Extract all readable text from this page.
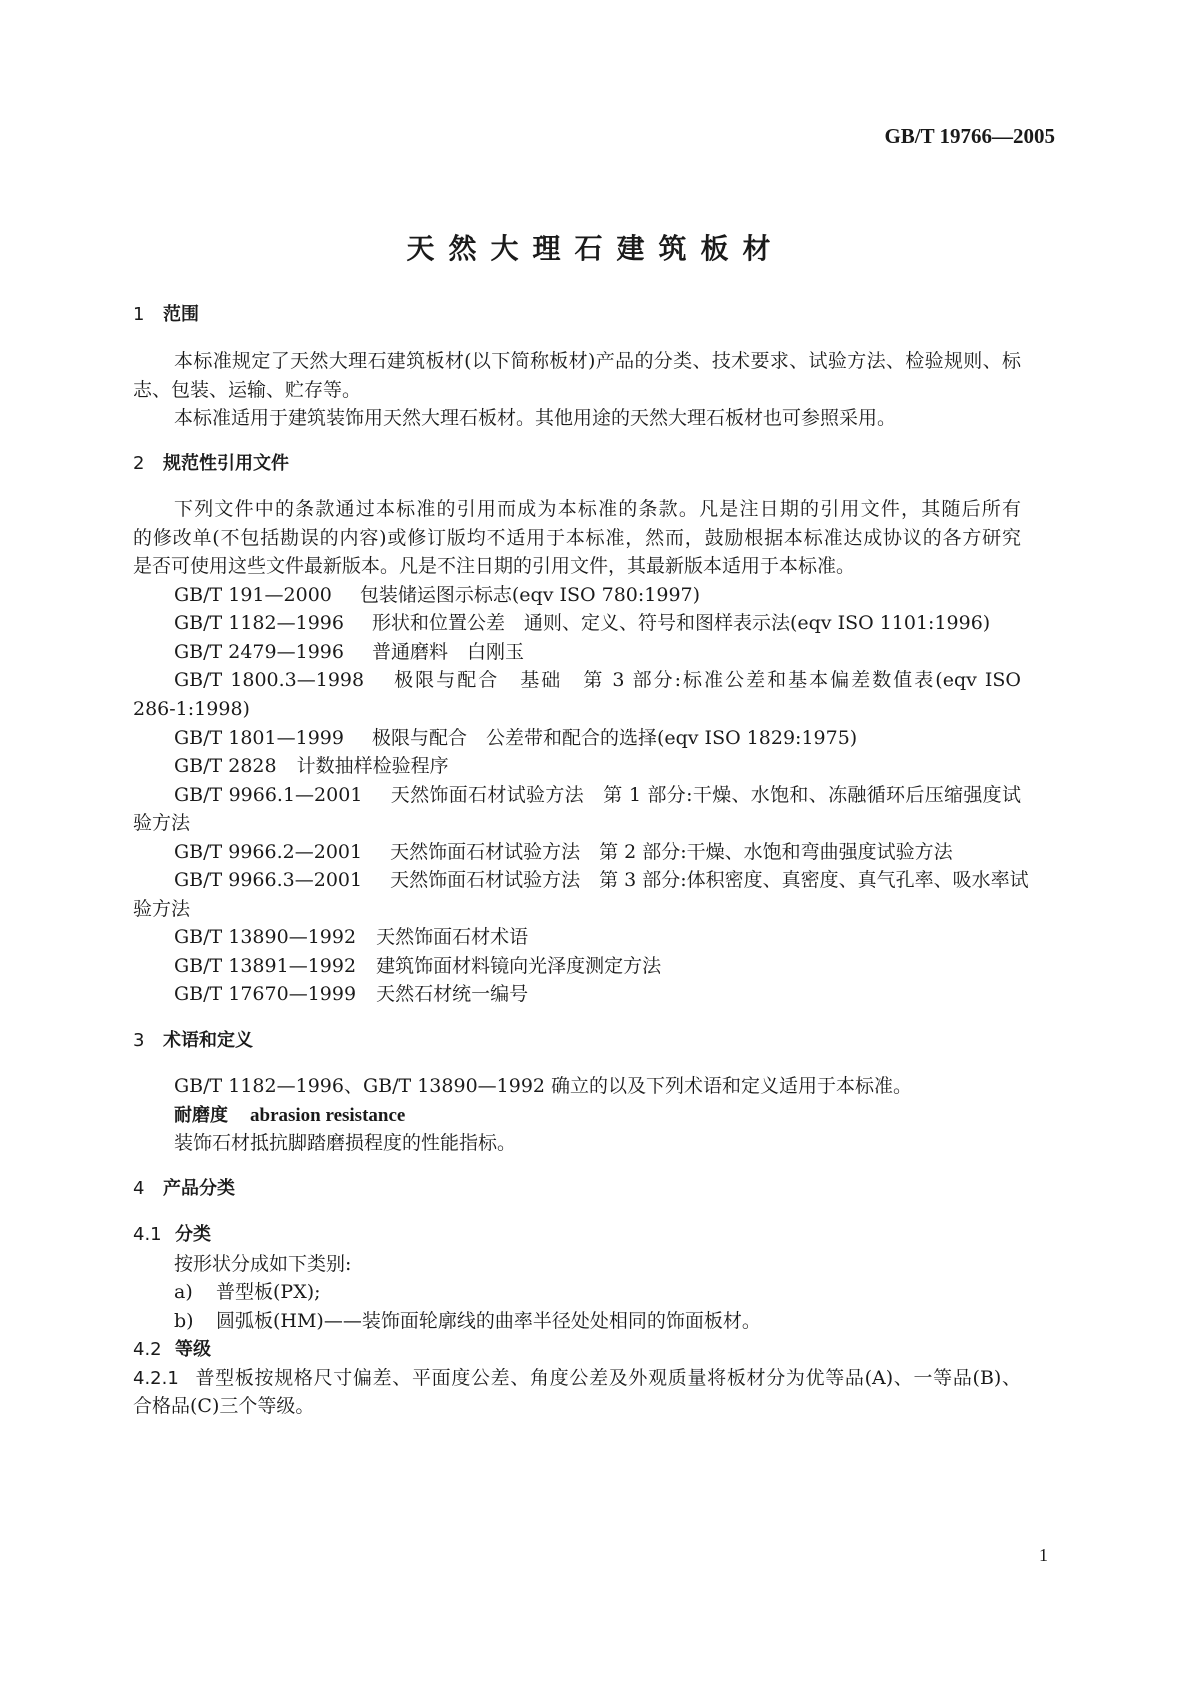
GB/T 19766—2005
天然大理石建筑板材
1 范围
本标准规定了天然大理石建筑板材(以下简称板材)产品的分类、技术要求、试验方法、检验规则、标
志、包装、运输、贮存等。
本标准适用于建筑装饰用天然大理石板材。其他用途的天然大理石板材也可参照采用。
2 规范性引用文件
下列文件中的条款通过本标准的引用而成为本标准的条款。凡是注日期的引用文件，其随后所有
的修改单(不包括勘误的内容)或修订版均不适用于本标准，然而，鼓励根据本标准达成协议的各方研究
是否可使用这些文件最新版本。凡是不注日期的引用文件，其最新版本适用于本标准。
GB/T 191—2000 包装储运图示标志(eqv ISO 780:1997)
GB/T 1182—1996 形状和位置公差　通则、定义、符号和图样表示法(eqv ISO 1101:1996)
GB/T 2479—1996 普通磨料　白刚玉
GB/T 1800.3—1998 极限与配合　基础　第 3 部分:标准公差和基本偏差数值表(eqv ISO
286-1:1998)
GB/T 1801—1999 极限与配合　公差带和配合的选择(eqv ISO 1829:1975)
GB/T 2828 计数抽样检验程序
GB/T 9966.1—2001 天然饰面石材试验方法　第 1 部分:干燥、水饱和、冻融循环后压缩强度试
验方法
GB/T 9966.2—2001 天然饰面石材试验方法　第 2 部分:干燥、水饱和弯曲强度试验方法
GB/T 9966.3—2001 天然饰面石材试验方法　第 3 部分:体积密度、真密度、真气孔率、吸水率试
验方法
GB/T 13890—1992 天然饰面石材术语
GB/T 13891—1992 建筑饰面材料镜向光泽度测定方法
GB/T 17670—1999 天然石材统一编号
3 术语和定义
GB/T 1182—1996、GB/T 13890—1992 确立的以及下列术语和定义适用于本标准。
耐磨度 abrasion resistance
装饰石材抵抗脚踏磨损程度的性能指标。
4 产品分类
4.1 分类
按形状分成如下类别:
a) 普型板(PX);
b) 圆弧板(HM)——装饰面轮廓线的曲率半径处处相同的饰面板材。
4.2 等级
4.2.1 普型板按规格尺寸偏差、平面度公差、角度公差及外观质量将板材分为优等品(A)、一等品(B)、
合格品(C)三个等级。
1
